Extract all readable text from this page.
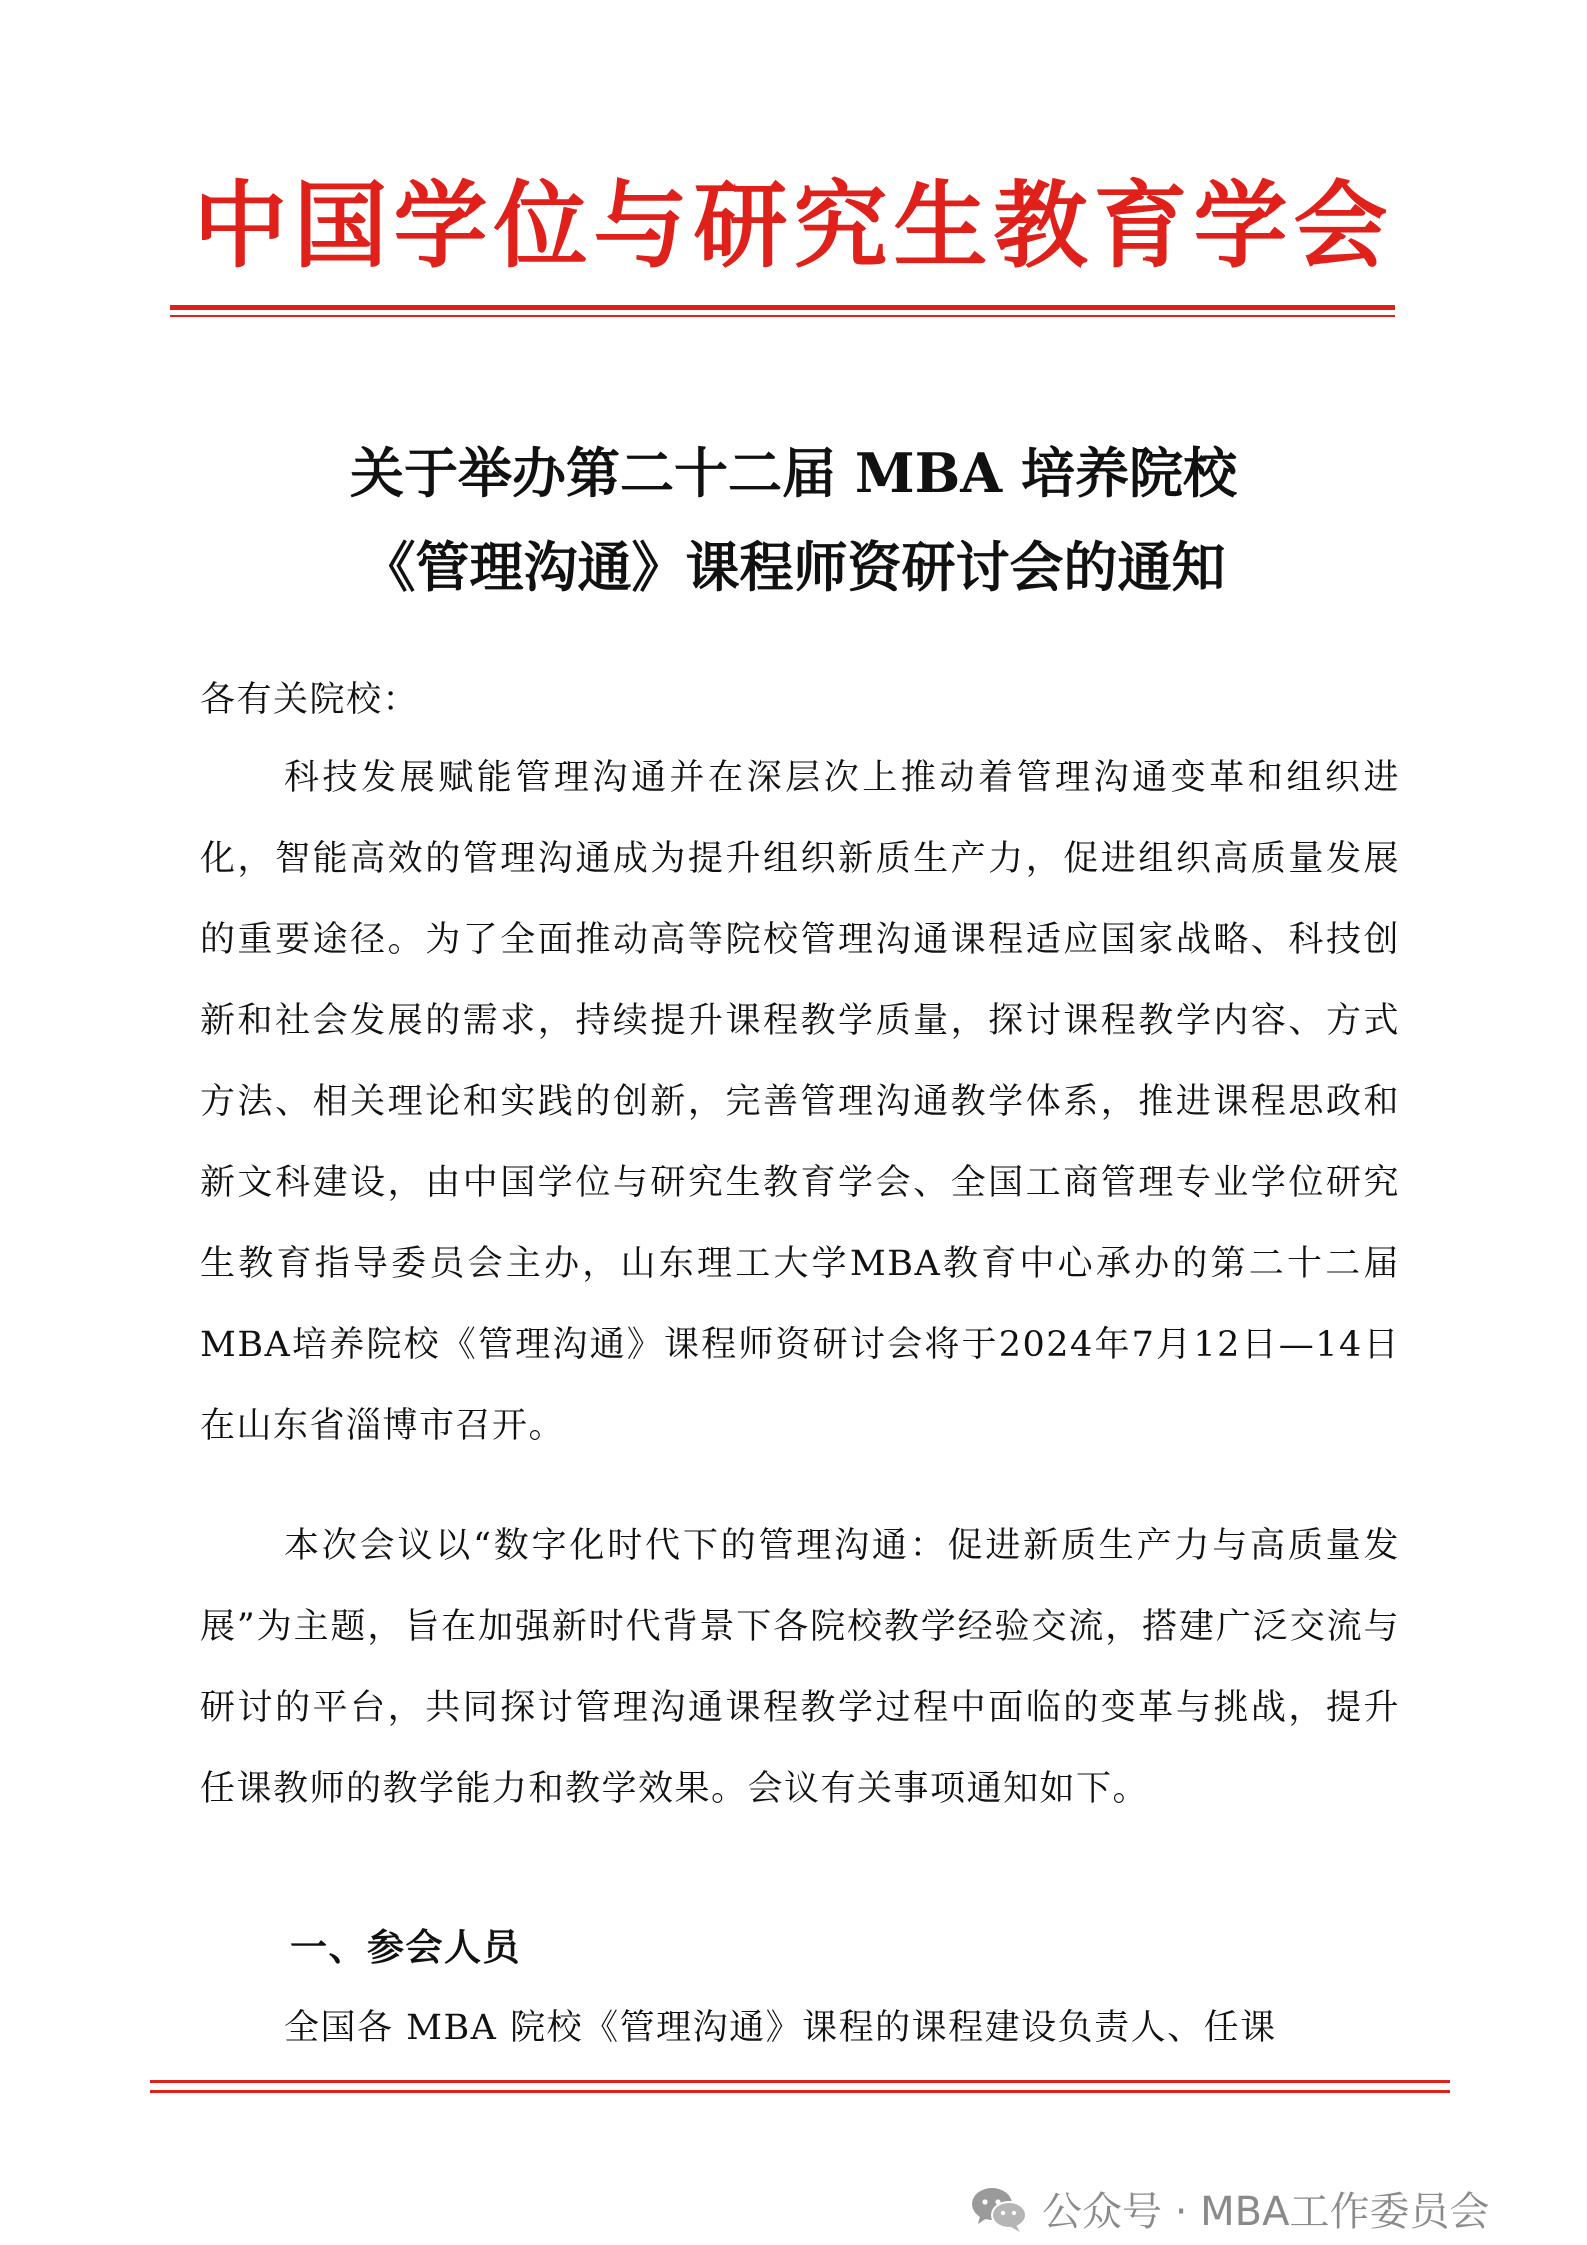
中国学位与研究生教育学会
关于举办第二十二届 MBA 培养院校
《管理沟通》课程师资研讨会的通知
各有关院校：
科技发展赋能管理沟通并在深层次上推动着管理沟通变革和组织进化，智能高效的管理沟通成为提升组织新质生产力，促进组织高质量发展的重要途径。为了全面推动高等院校管理沟通课程适应国家战略、科技创新和社会发展的需求，持续提升课程教学质量，探讨课程教学内容、方式方法、相关理论和实践的创新，完善管理沟通教学体系，推进课程思政和新文科建设，由中国学位与研究生教育学会、全国工商管理专业学位研究生教育指导委员会主办，山东理工大学MBA教育中心承办的第二十二届MBA培养院校《管理沟通》课程师资研讨会将于2024年7月12日—14日在山东省淄博市召开。
本次会议以“数字化时代下的管理沟通：促进新质生产力与高质量发展”为主题，旨在加强新时代背景下各院校教学经验交流，搭建广泛交流与研讨的平台，共同探讨管理沟通课程教学过程中面临的变革与挑战，提升任课教师的教学能力和教学效果。会议有关事项通知如下。
一、参会人员
全国各 MBA 院校《管理沟通》课程的课程建设负责人、任课
公众号 · MBA工作委员会
